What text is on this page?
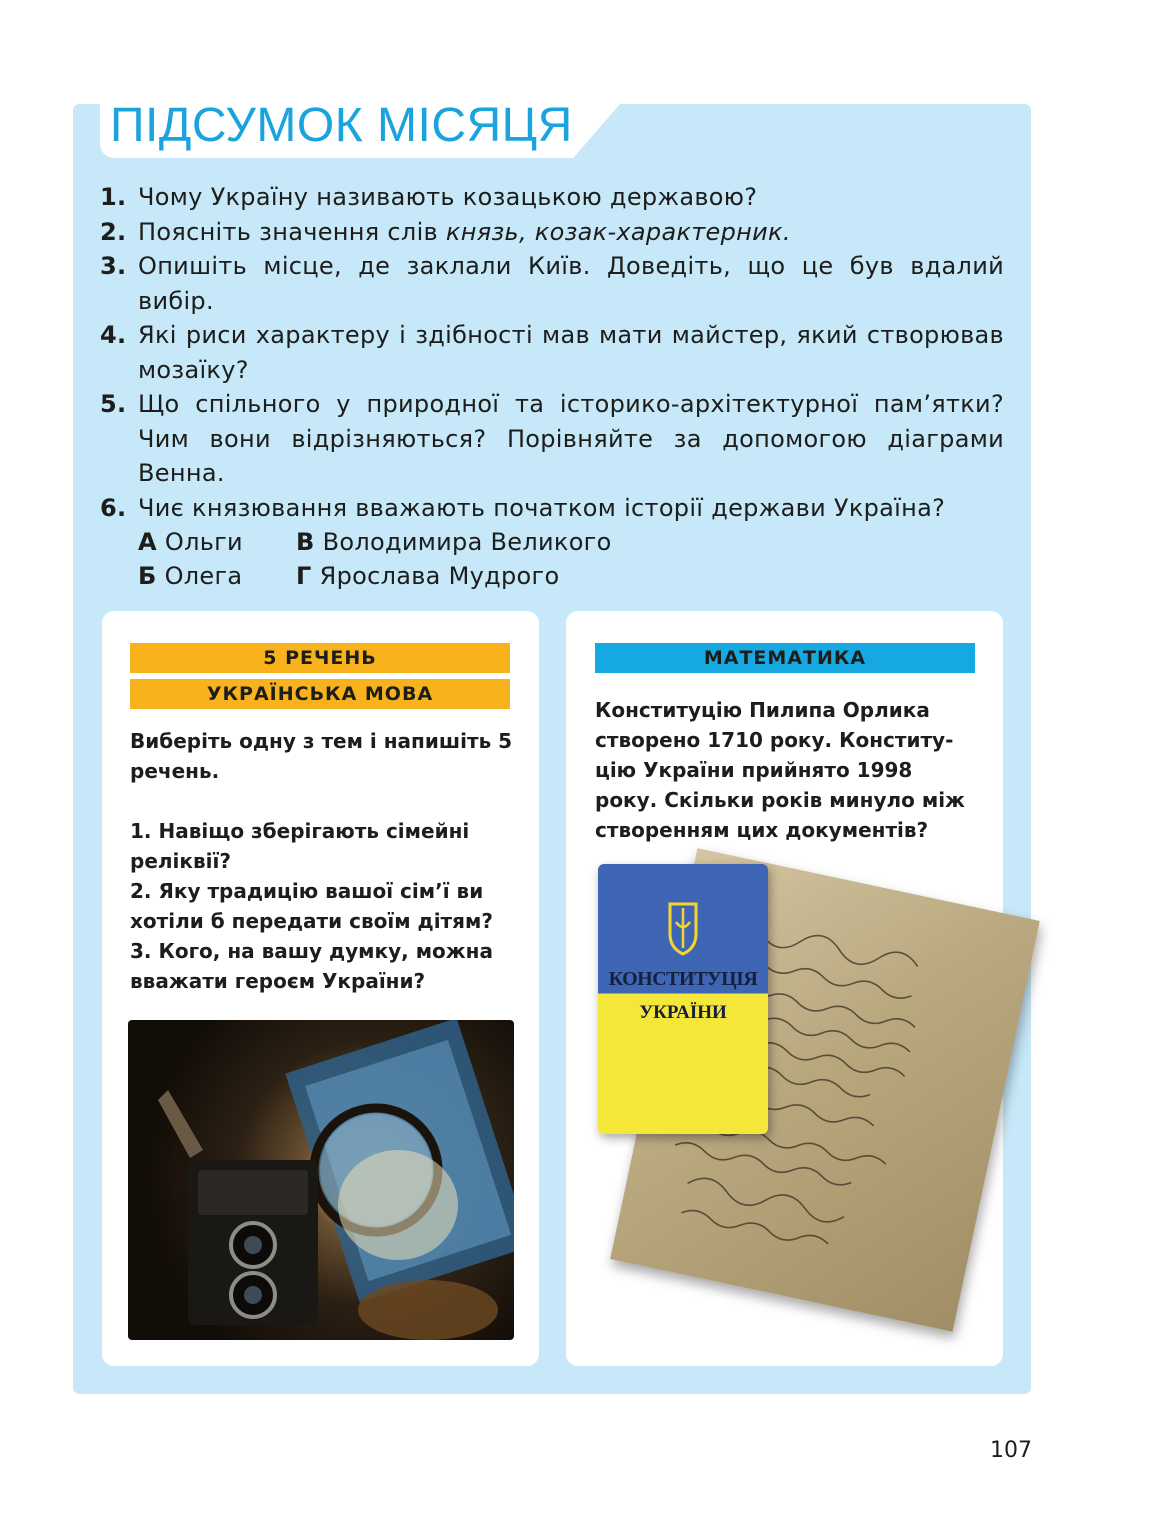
ПІДСУМОК МІСЯЦЯ
1. Чому Україну називають козацькою державою?
2. Поясніть значення слів князь, козак-характерник.
3. Опишіть місце, де заклали Київ. Доведіть, що це був вдалий вибір.
4. Які риси характеру і здібності мав мати майстер, який створював мозаїку?
5. Що спільного у природної та історико-архітектурної пам’ятки? Чим вони відрізняються? Порівняйте за допомогою діаграми Венна.
6. Чиє князювання вважають початком історії держави Україна?
А Ольги В Володимира Великого
Б Олега Г Ярослава Мудрого
5 РЕЧЕНЬ
УКРАЇНСЬКА МОВА
Виберіть одну з тем і напишіть 5 речень.
1. Навіщо зберігають сімейні реліквії?
2. Яку традицію вашої сім’ї ви хотіли б передати своїм дітям?
3. Кого, на вашу думку, можна вважати героєм України?
МАТЕМАТИКА
Конституцію Пилипа Орлика створено 1710 року. Конститу- цію України прийнято 1998 року. Скільки років минуло між створенням цих документів?
КОНСТИТУЦІЯ
УКРАЇНИ
107
